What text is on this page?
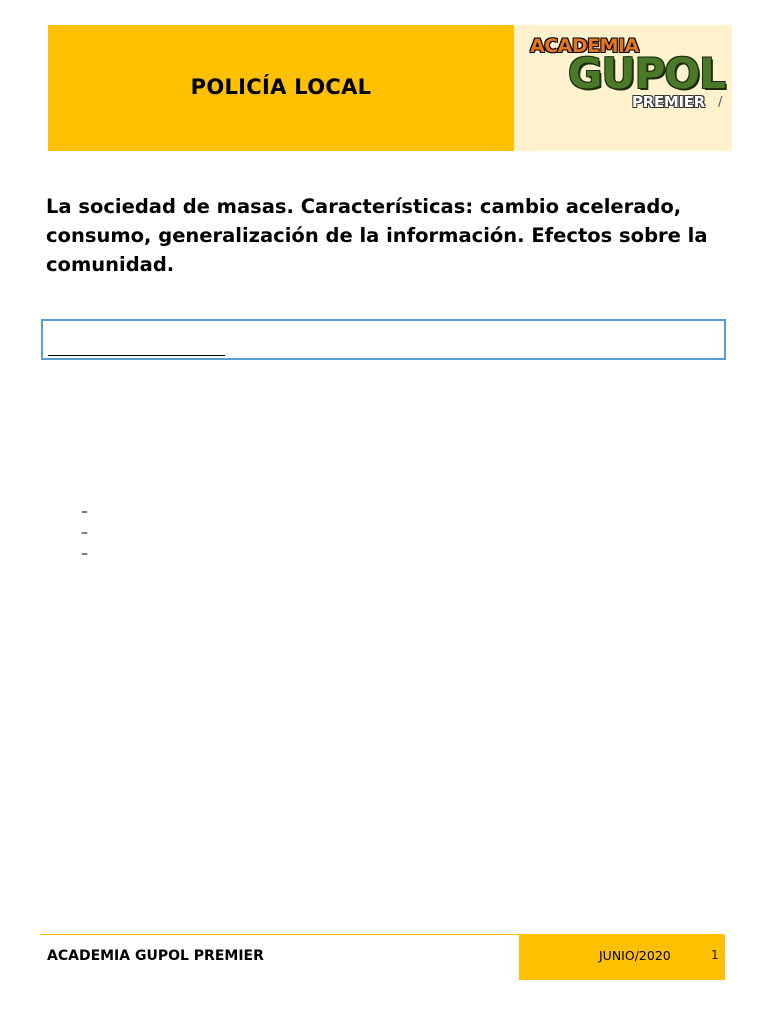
POLICÍA LOCAL
ACADEMIA
GUPOL
PREMIER /
La sociedad de masas. Características: cambio acelerado, consumo, generalización de la información. Efectos sobre la comunidad.
–
–
–
ACADEMIA GUPOL PREMIER	JUNIO/2020	1
